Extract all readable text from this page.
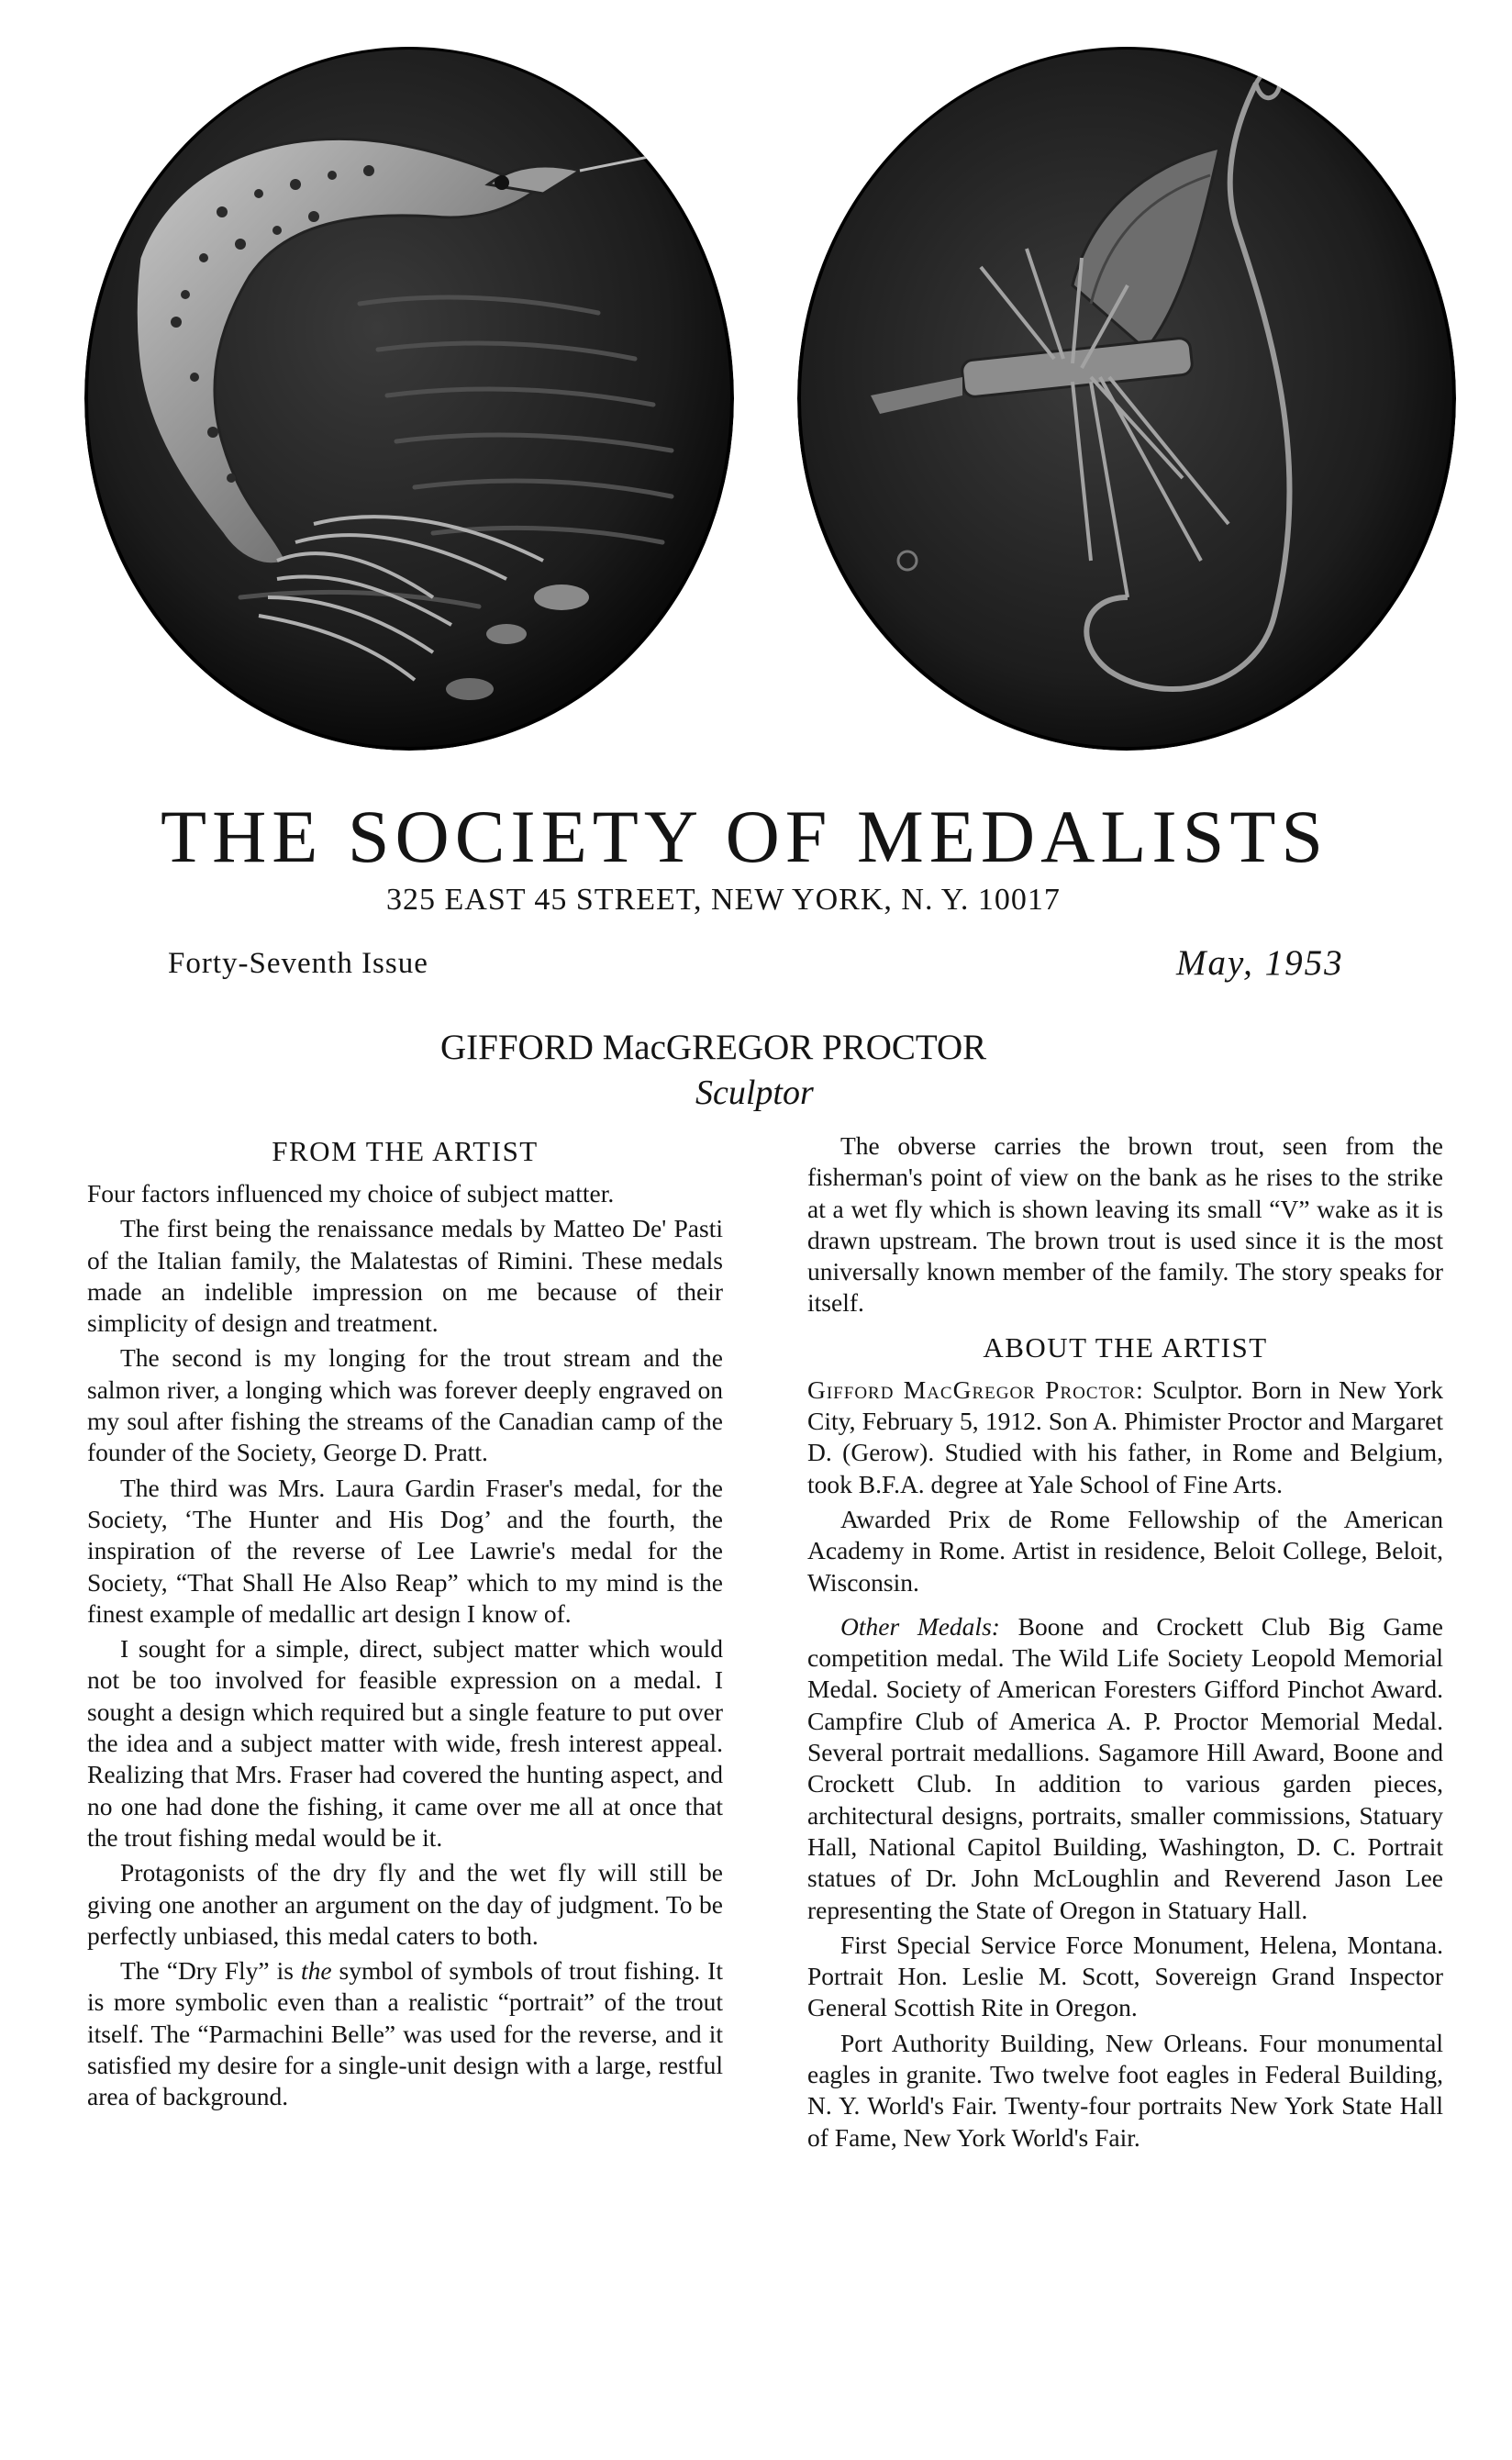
THE SOCIETY OF MEDALISTS
325 EAST 45 STREET, NEW YORK, N. Y. 10017
Forty-Seventh Issue	May, 1953
GIFFORD MacGREGOR PROCTOR
Sculptor
FROM THE ARTIST

Four factors influenced my choice of subject matter.

The first being the renaissance medals by Matteo De' Pasti of the Italian family, the Malatestas of Rimini. These medals made an indelible impression on me because of their simplicity of design and treatment.

The second is my longing for the trout stream and the salmon river, a longing which was forever deeply engraved on my soul after fishing the streams of the Canadian camp of the founder of the Society, George D. Pratt.

The third was Mrs. Laura Gardin Fraser's medal, for the Society, ‘The Hunter and His Dog’ and the fourth, the inspiration of the reverse of Lee Lawrie's medal for the Society, “That Shall He Also Reap” which to my mind is the finest example of medallic art design I know of.

I sought for a simple, direct, subject matter which would not be too involved for feasible expression on a medal. I sought a design which required but a single feature to put over the idea and a subject matter with wide, fresh interest appeal. Realizing that Mrs. Fraser had covered the hunting aspect, and no one had done the fishing, it came over me all at once that the trout fishing medal would be it.

Protagonists of the dry fly and the wet fly will still be giving one another an argument on the day of judgment. To be perfectly unbiased, this medal caters to both.

The “Dry Fly” is the symbol of symbols of trout fishing. It is more symbolic even than a realistic “portrait” of the trout itself. The “Parmachini Belle” was used for the reverse, and it satisfied my desire for a single-unit design with a large, restful area of background.

The obverse carries the brown trout, seen from the fisherman's point of view on the bank as he rises to the strike at a wet fly which is shown leaving its small “V” wake as it is drawn upstream. The brown trout is used since it is the most universally known member of the family. The story speaks for itself.

ABOUT THE ARTIST

Gifford MacGregor Proctor: Sculptor. Born in New York City, February 5, 1912. Son A. Phimister Proctor and Margaret D. (Gerow). Studied with his father, in Rome and Belgium, took B.F.A. degree at Yale School of Fine Arts.

Awarded Prix de Rome Fellowship of the American Academy in Rome. Artist in residence, Beloit College, Beloit, Wisconsin.

Other Medals: Boone and Crockett Club Big Game competition medal. The Wild Life Society Leopold Memorial Medal. Society of American Foresters Gifford Pinchot Award. Campfire Club of America A. P. Proctor Memorial Medal. Several portrait medallions. Sagamore Hill Award, Boone and Crockett Club. In addition to various garden pieces, architectural designs, portraits, smaller commissions, Statuary Hall, National Capitol Building, Washington, D. C. Portrait statues of Dr. John McLoughlin and Reverend Jason Lee representing the State of Oregon in Statuary Hall.

First Special Service Force Monument, Helena, Montana. Portrait Hon. Leslie M. Scott, Sovereign Grand Inspector General Scottish Rite in Oregon.

Port Authority Building, New Orleans. Four monumental eagles in granite. Two twelve foot eagles in Federal Building, N. Y. World's Fair. Twenty-four portraits New York State Hall of Fame, New York World's Fair.
